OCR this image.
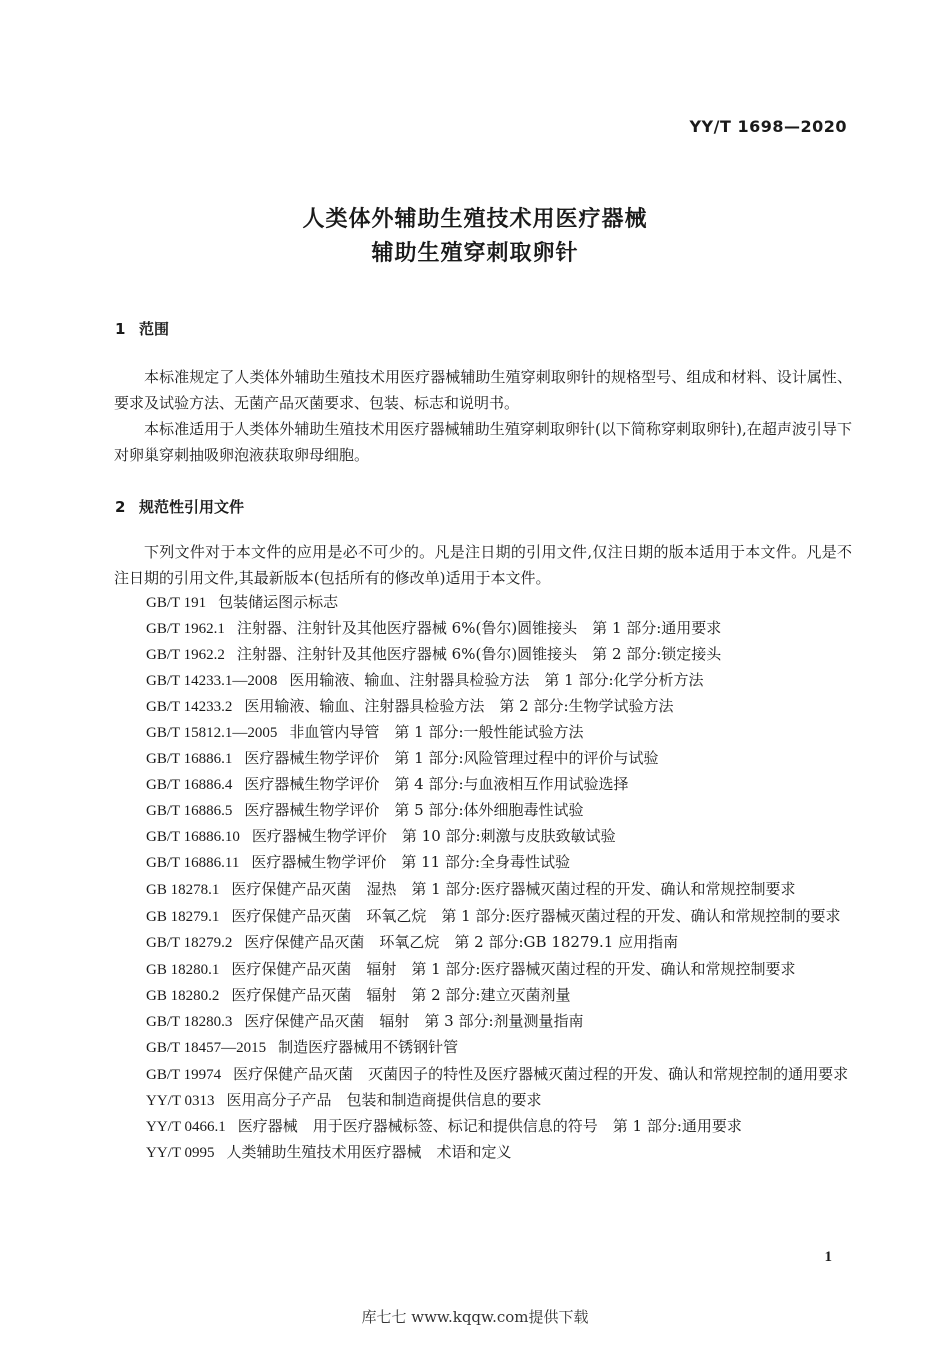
YY/T 1698—2020
人类体外辅助生殖技术用医疗器械
辅助生殖穿刺取卵针
1 范围
本标准规定了人类体外辅助生殖技术用医疗器械辅助生殖穿刺取卵针的规格型号、组成和材料、设计属性、要求及试验方法、无菌产品灭菌要求、包装、标志和说明书。
本标准适用于人类体外辅助生殖技术用医疗器械辅助生殖穿刺取卵针(以下简称穿刺取卵针),在超声波引导下对卵巢穿刺抽吸卵泡液获取卵母细胞。
2 规范性引用文件
下列文件对于本文件的应用是必不可少的。凡是注日期的引用文件,仅注日期的版本适用于本文件。凡是不注日期的引用文件,其最新版本(包括所有的修改单)适用于本文件。
GB/T 191 包装储运图示标志
GB/T 1962.1 注射器、注射针及其他医疗器械 6%(鲁尔)圆锥接头　第 1 部分:通用要求
GB/T 1962.2 注射器、注射针及其他医疗器械 6%(鲁尔)圆锥接头　第 2 部分:锁定接头
GB/T 14233.1—2008 医用输液、输血、注射器具检验方法　第 1 部分:化学分析方法
GB/T 14233.2 医用输液、输血、注射器具检验方法　第 2 部分:生物学试验方法
GB/T 15812.1—2005 非血管内导管　第 1 部分:一般性能试验方法
GB/T 16886.1 医疗器械生物学评价　第 1 部分:风险管理过程中的评价与试验
GB/T 16886.4 医疗器械生物学评价　第 4 部分:与血液相互作用试验选择
GB/T 16886.5 医疗器械生物学评价　第 5 部分:体外细胞毒性试验
GB/T 16886.10 医疗器械生物学评价　第 10 部分:刺激与皮肤致敏试验
GB/T 16886.11 医疗器械生物学评价　第 11 部分:全身毒性试验
GB 18278.1 医疗保健产品灭菌　湿热　第 1 部分:医疗器械灭菌过程的开发、确认和常规控制要求
GB 18279.1 医疗保健产品灭菌　环氧乙烷　第 1 部分:医疗器械灭菌过程的开发、确认和常规控制的要求
GB/T 18279.2 医疗保健产品灭菌　环氧乙烷　第 2 部分:GB 18279.1 应用指南
GB 18280.1 医疗保健产品灭菌　辐射　第 1 部分:医疗器械灭菌过程的开发、确认和常规控制要求
GB 18280.2 医疗保健产品灭菌　辐射　第 2 部分:建立灭菌剂量
GB/T 18280.3 医疗保健产品灭菌　辐射　第 3 部分:剂量测量指南
GB/T 18457—2015 制造医疗器械用不锈钢针管
GB/T 19974 医疗保健产品灭菌　灭菌因子的特性及医疗器械灭菌过程的开发、确认和常规控制的通用要求
YY/T 0313 医用高分子产品　包装和制造商提供信息的要求
YY/T 0466.1 医疗器械　用于医疗器械标签、标记和提供信息的符号　第 1 部分:通用要求
YY/T 0995 人类辅助生殖技术用医疗器械　术语和定义
1
库七七 www.kqqw.com提供下载
